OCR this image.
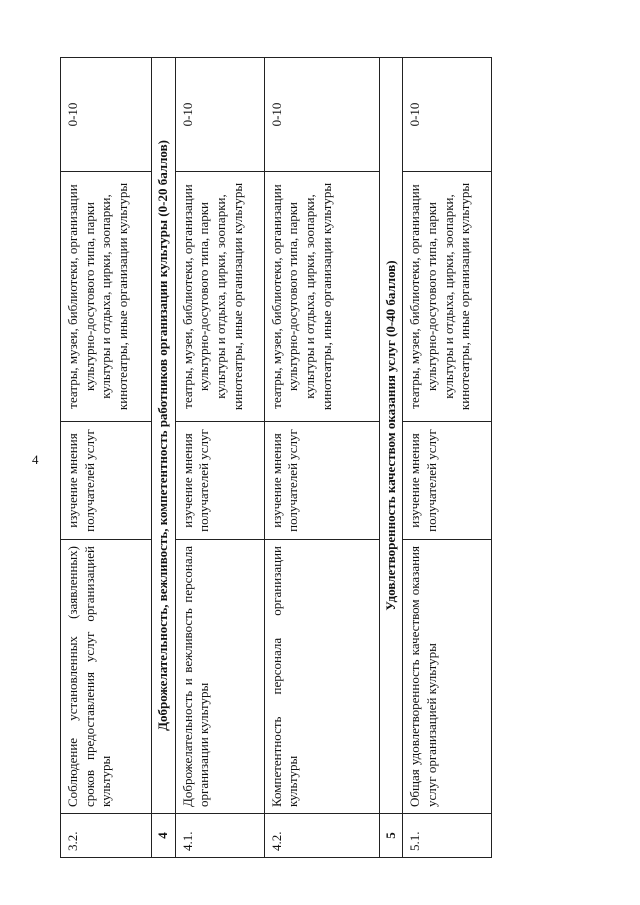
4
3.2.	Соблюдение установленных (заявленных) сроков предоставления услуг организацией культуры	изучение мнения получателей услуг	театры, музеи, библиотеки, организации культурно-досугового типа, парки культуры и отдыха, цирки, зоопарки, кинотеатры, иные организации культуры	0-10
4	Доброжелательность, вежливость, компетентность работников организации культуры (0-20 баллов)			
4.1.	Доброжелательность и вежливость персонала организации культуры	изучение мнения получателей услуг	театры, музеи, библиотеки, организации культурно-досугового типа, парки культуры и отдыха, цирки, зоопарки, кинотеатры, иные организации культуры	0-10
4.2.	Компетентность персонала организации культуры	изучение мнения получателей услуг	театры, музеи, библиотеки, организации культурно-досугового типа, парки культуры и отдыха, цирки, зоопарки, кинотеатры, иные организации культуры	0-10
5	Удовлетворенность качеством оказания услуг (0-40 баллов)			
5.1.	Общая удовлетворенность качеством оказания услуг организацией культуры	изучение мнения получателей услуг	театры, музеи, библиотеки, организации культурно-досугового типа, парки культуры и отдыха, цирки, зоопарки, кинотеатры, иные организации культуры	0-10
